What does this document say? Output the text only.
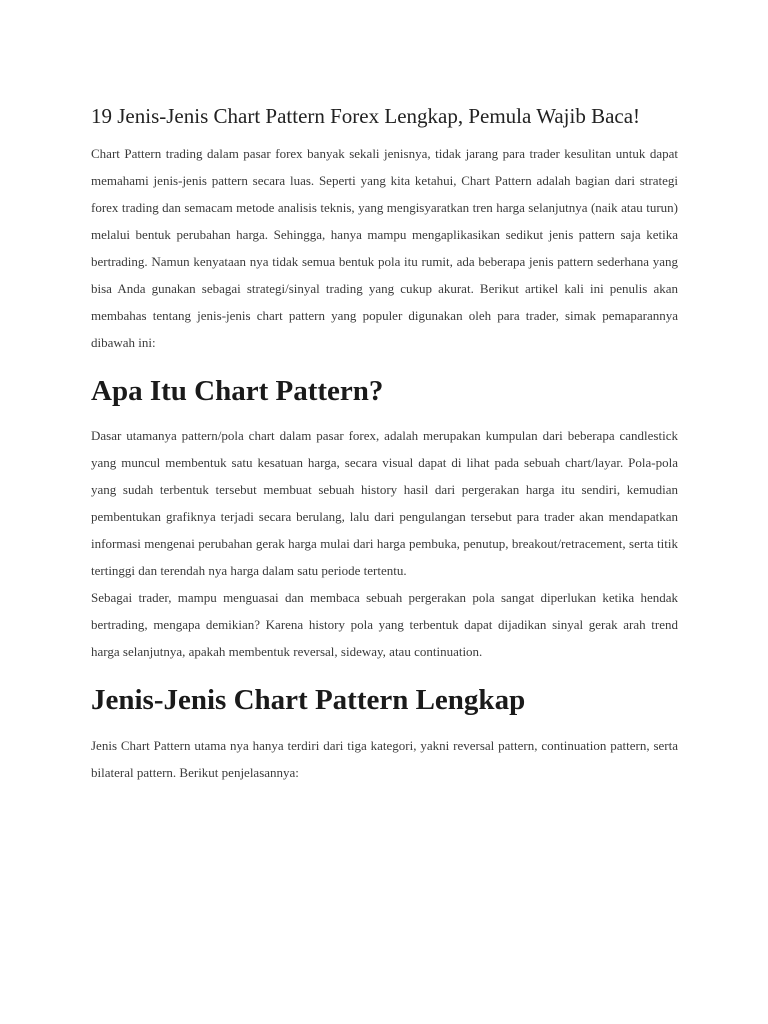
19 Jenis-Jenis Chart Pattern Forex Lengkap, Pemula Wajib Baca!

Chart Pattern trading dalam pasar forex banyak sekali jenisnya, tidak jarang para trader kesulitan untuk dapat memahami jenis-jenis pattern secara luas. Seperti yang kita ketahui, Chart Pattern adalah bagian dari strategi forex trading dan semacam metode analisis teknis, yang mengisyaratkan tren harga selanjutnya (naik atau turun) melalui bentuk perubahan harga. Sehingga, hanya mampu mengaplikasikan sedikut jenis pattern saja ketika bertrading. Namun kenyataan nya tidak semua bentuk pola itu rumit, ada beberapa jenis pattern sederhana yang bisa Anda gunakan sebagai strategi/sinyal trading yang cukup akurat. Berikut artikel kali ini penulis akan membahas tentang jenis-jenis chart pattern yang populer digunakan oleh para trader, simak pemaparannya dibawah ini:

Apa Itu Chart Pattern?

Dasar utamanya pattern/pola chart dalam pasar forex, adalah merupakan kumpulan dari beberapa candlestick yang muncul membentuk satu kesatuan harga, secara visual dapat di lihat pada sebuah chart/layar. Pola-pola yang sudah terbentuk tersebut membuat sebuah history hasil dari pergerakan harga itu sendiri, kemudian pembentukan grafiknya terjadi secara berulang, lalu dari pengulangan tersebut para trader akan mendapatkan informasi mengenai perubahan gerak harga mulai dari harga pembuka, penutup, breakout/retracement, serta titik tertinggi dan terendah nya harga dalam satu periode tertentu.

Sebagai trader, mampu menguasai dan membaca sebuah pergerakan pola sangat diperlukan ketika hendak bertrading, mengapa demikian? Karena history pola yang terbentuk dapat dijadikan sinyal gerak arah trend harga selanjutnya, apakah membentuk reversal, sideway, atau continuation.

Jenis-Jenis Chart Pattern Lengkap

Jenis Chart Pattern utama nya hanya terdiri dari tiga kategori, yakni reversal pattern, continuation pattern, serta bilateral pattern. Berikut penjelasannya:
